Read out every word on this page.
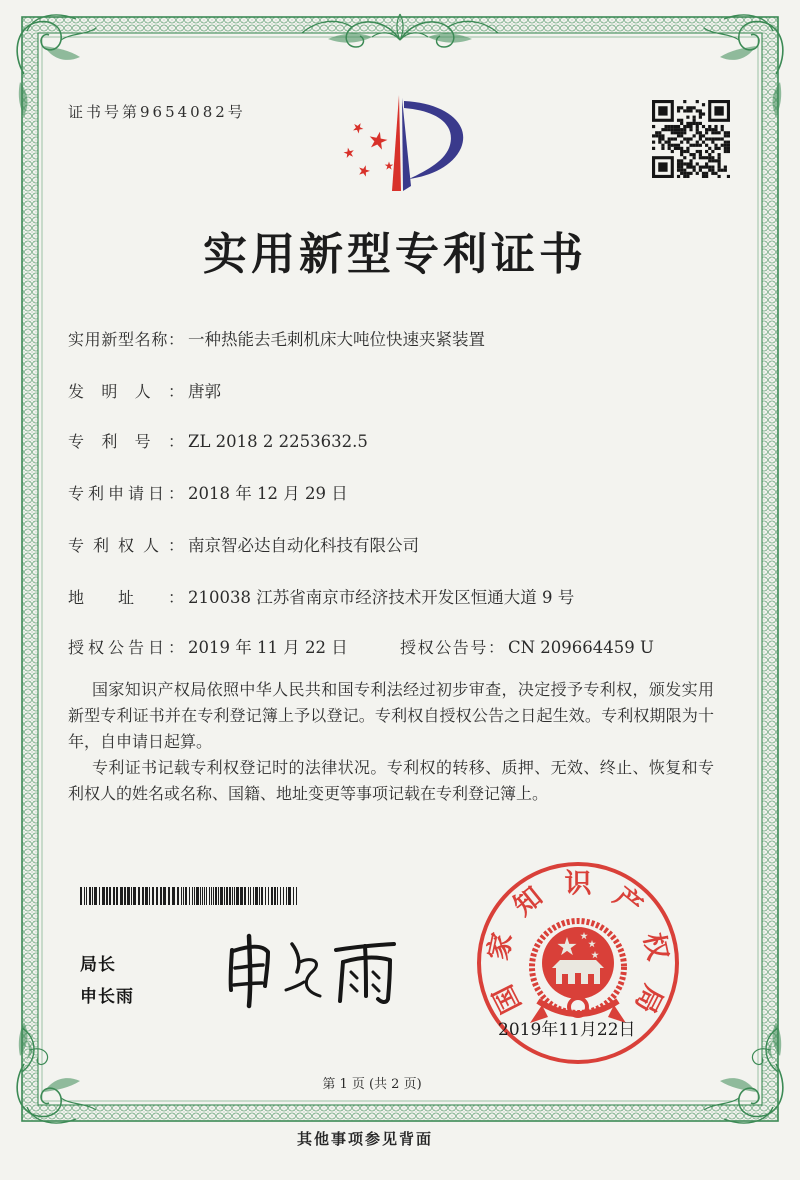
证书号第9654082号
实用新型专利证书
实用新型名称： 一种热能去毛刺机床大吨位快速夹紧装置
发明人： 唐郭
专利号： ZL 2018 2 2253632.5
专利申请日： 2018 年 12 月 29 日
专利权人： 南京智必达自动化科技有限公司
地址： 210038 江苏省南京市经济技术开发区恒通大道 9 号
授权公告日： 2019 年 11 月 22 日	授权公告号： CN 209664459 U
国家知识产权局依照中华人民共和国专利法经过初步审查，决定授予专利权，颁发实用
新型专利证书并在专利登记簿上予以登记。专利权自授权公告之日起生效。专利权期限为十
年，自申请日起算。
专利证书记载专利权登记时的法律状况。专利权的转移、质押、无效、终止、恢复和专
利权人的姓名或名称、国籍、地址变更等事项记载在专利登记簿上。
局长
申长雨	国
家
知 识 产
权
局
2019年11月22日
第 1 页 (共 2 页)
其他事项参见背面
